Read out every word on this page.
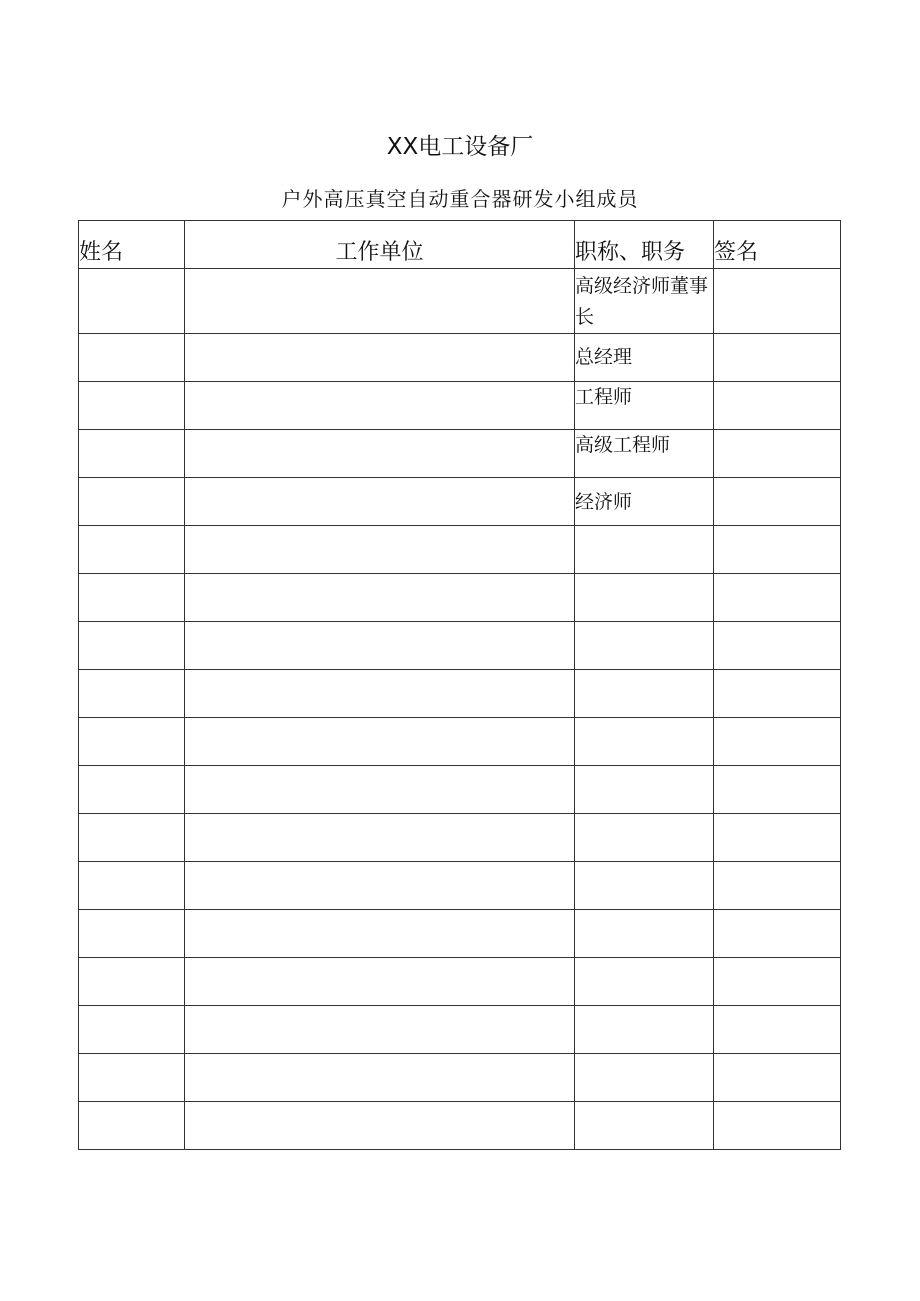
XX电工设备厂
户外高压真空自动重合器研发小组成员
姓名	工作单位	职称、职务	签名
		高级经济师董事长	
		总经理	
		工程师	
		高级工程师	
		经济师	
